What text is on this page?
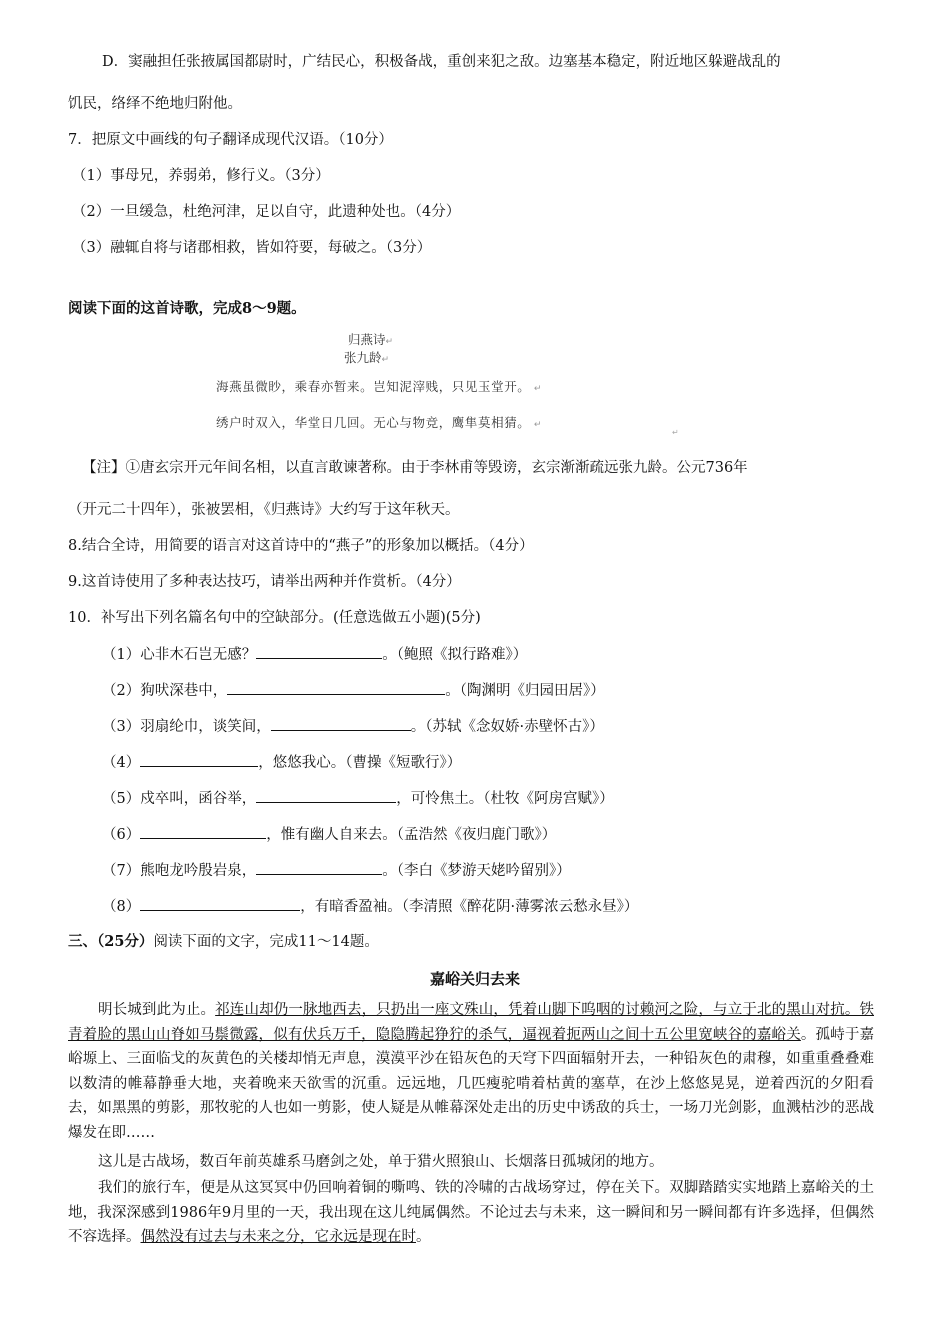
D．窦融担任张掖属国都尉时，广结民心，积极备战，重创来犯之敌。边塞基本稳定，附近地区躲避战乱的
饥民，络绎不绝地归附他。
7．把原文中画线的句子翻译成现代汉语。（10分）
（1）事母兄，养弱弟，修行义。（3分）
（2）一旦缓急，杜绝河津，足以自守，此遗种处也。（4分）
（3）融辄自将与诸郡相救，皆如符要，每破之。（3分）
阅读下面的这首诗歌，完成8～9题。
归燕诗↵
张九龄↵
海燕虽微眇，乘春亦暂来。岂知泥滓贱，只见玉堂开。 ↵
绣户时双入，华堂日几回。无心与物竞，鹰隼莫相猜。 ↵
↵
【注】①唐玄宗开元年间名相，以直言敢谏著称。由于李林甫等毁谤，玄宗渐渐疏远张九龄。公元736年
（开元二十四年），张被罢相，《归燕诗》大约写于这年秋天。
8.结合全诗，用简要的语言对这首诗中的“燕子”的形象加以概括。（4分）
9.这首诗使用了多种表达技巧，请举出两种并作赏析。（4分）
10．补写出下列名篇名句中的空缺部分。(任意选做五小题)(5分)
（1）心非木石岂无感？	。（鲍照《拟行路难》）
（2）狗吠深巷中，	。（陶渊明《归园田居》）
（3）羽扇纶巾，谈笑间，	。（苏轼《念奴娇·赤壁怀古》）
（4）	，悠悠我心。（曹操《短歌行》）
（5）戍卒叫，函谷举，	，可怜焦土。（杜牧《阿房宫赋》）
（6）	，惟有幽人自来去。（孟浩然《夜归鹿门歌》）
（7）熊咆龙吟殷岩泉，	。（李白《梦游天姥吟留别》）
（8）	，有暗香盈袖。（李清照《醉花阴·薄雾浓云愁永昼》）
三、（25分）阅读下面的文字，完成11～14题。
嘉峪关归去来
明长城到此为止。祁连山却仍一脉地西去，只扔出一座文殊山，凭着山脚下呜咽的讨赖河之险，与立于北的黑山对抗。铁青着脸的黑山山脊如马鬃微露，似有伏兵万千，隐隐腾起狰狞的杀气，逼视着扼两山之间十五公里宽峡谷的嘉峪关。孤峙于嘉峪塬上、三面临戈的灰黄色的关楼却悄无声息，漠漠平沙在铅灰色的天穹下四面辐射开去，一种铅灰色的肃穆，如重重叠叠难以数清的帷幕静垂大地，夹着晚来天欲雪的沉重。远远地，几匹瘦驼啃着枯黄的塞草，在沙上悠悠晃晃，逆着西沉的夕阳看去，如黑黑的剪影，那牧驼的人也如一剪影，使人疑是从帷幕深处走出的历史中诱敌的兵士，一场刀光剑影，血溅枯沙的恶战爆发在即……
这儿是古战场，数百年前英雄系马磨剑之处，单于猎火照狼山、长烟落日孤城闭的地方。
我们的旅行车，便是从这冥冥中仍回响着铜的嘶鸣、铁的冷啸的古战场穿过，停在关下。双脚踏踏实实地踏上嘉峪关的土地，我深深感到1986年9月里的一天，我出现在这儿纯属偶然。不论过去与未来，这一瞬间和另一瞬间都有许多选择，但偶然不容选择。偶然没有过去与未来之分，它永远是现在时。
